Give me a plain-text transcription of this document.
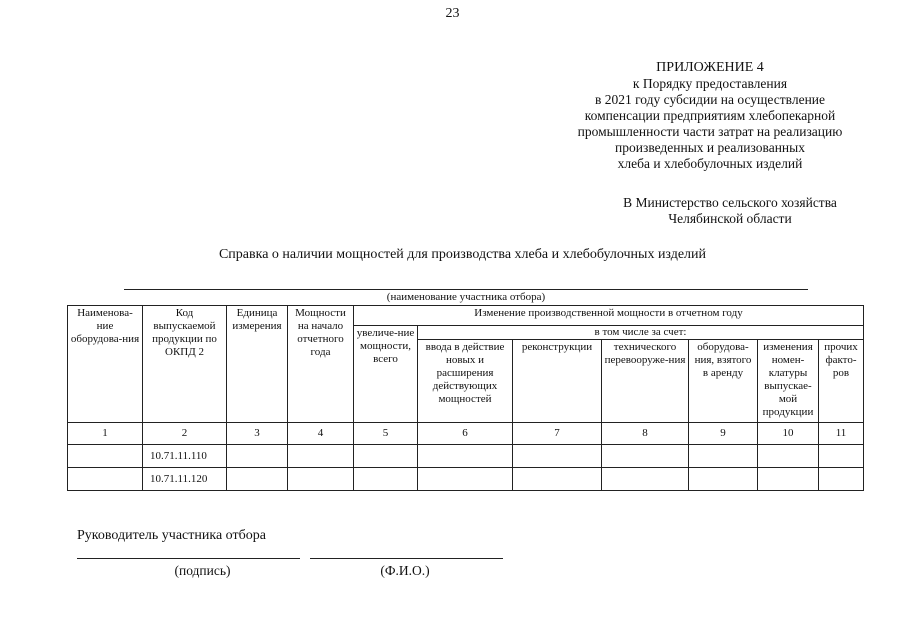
23
ПРИЛОЖЕНИЕ 4
к Порядку предоставления
в 2021 году субсидии на осуществление
компенсации предприятиям хлебопекарной
промышленности части затрат на реализацию
произведенных и реализованных
хлеба и хлебобулочных изделий
В Министерство сельского хозяйства
Челябинской области
Справка о наличии мощностей для производства хлеба и хлебобулочных изделий
(наименование участника отбора)
Наименова-ние оборудова-ния	Код выпускаемой продукции по ОКПД 2	Единица измерения	Мощности на начало отчетного года	Изменение производственной мощности в отчетном году						
				увеличе-ние мощности, всего	в том числе за счет:					
					ввода в действие новых и расширения действующих мощностей	реконструкции	технического перевооруже-ния	оборудова-ния, взятого в аренду	изменения номен-клатуры выпускае-мой продукции	прочих факто-ров
1	2	3	4	5	6	7	8	9	10	11
	10.71.11.110									
	10.71.11.120									
Руководитель участника отбора
(подпись)	(Ф.И.О.)
